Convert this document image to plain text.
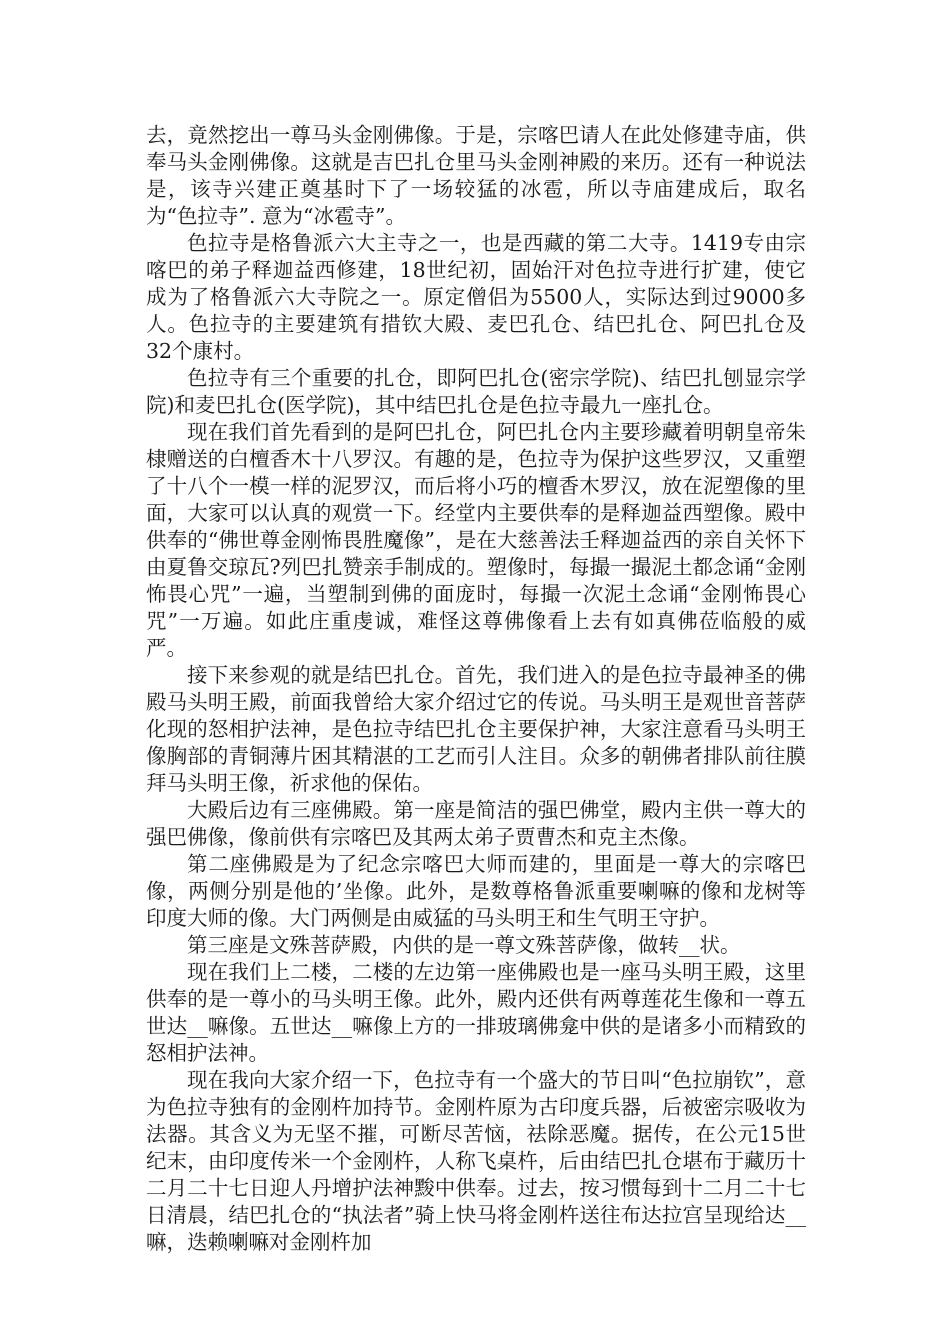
去，竟然挖出一尊马头金刚佛像。于是，宗喀巴请人在此处修建寺庙，供奉马头金刚佛像。这就是吉巴扎仓里马头金刚神殿的来历。还有一种说法是，该寺兴建正奠基时下了一场较猛的冰雹，所以寺庙建成后，取名为“色拉寺”. 意为“冰雹寺”。

色拉寺是格鲁派六大主寺之一，也是西藏的第二大寺。1419专由宗喀巴的弟子释迦益西修建，18世纪初，固始汗对色拉寺进行扩建，使它成为了格鲁派六大寺院之一。原定僧侣为5500人，实际达到过9000多人。色拉寺的主要建筑有措钦大殿、麦巴孔仓、结巴扎仓、阿巴扎仓及32个康村。

色拉寺有三个重要的扎仓，即阿巴扎仓(密宗学院)、结巴扎刨显宗学院)和麦巴扎仓(医学院)，其中结巴扎仓是色拉寺最九一座扎仓。

现在我们首先看到的是阿巴扎仓，阿巴扎仓内主要珍藏着明朝皇帝朱棣赠送的白檀香木十八罗汉。有趣的是，色拉寺为保护这些罗汉，又重塑了十八个一模一样的泥罗汉，而后将小巧的檀香木罗汉，放在泥塑像的里面，大家可以认真的观赏一下。经堂内主要供奉的是释迦益西塑像。殿中供奉的“佛世尊金刚怖畏胜魔像”，是在大慈善法壬释迦益西的亲自关怀下由夏鲁交琼瓦?列巴扎赞亲手制成的。塑像时，每撮一撮泥土都念诵“金刚怖畏心咒”一遍，当塑制到佛的面庞时，每撮一次泥土念诵“金刚怖畏心咒”一万遍。如此庄重虔诚，难怪这尊佛像看上去有如真佛莅临般的威严。

接下来参观的就是结巴扎仓。首先，我们进入的是色拉寺最神圣的佛殿马头明王殿，前面我曾给大家介绍过它的传说。马头明王是观世音菩萨化现的怒相护法神，是色拉寺结巴扎仓主要保护神，大家注意看马头明王像胸部的青铜薄片困其精湛的工艺而引人注目。众多的朝佛者排队前往膜拜马头明王像，祈求他的保佑。

大殿后边有三座佛殿。第一座是简洁的强巴佛堂，殿内主供一尊大的强巴佛像，像前供有宗喀巴及其两太弟子贾曹杰和克主杰像。

第二座佛殿是为了纪念宗喀巴大师而建的，里面是一尊大的宗喀巴像，两侧分别是他的’坐像。此外，是数尊格鲁派重要喇嘛的像和龙树等印度大师的像。大门两侧是由威猛的马头明王和生气明王守护。

第三座是文殊菩萨殿，内供的是一尊文殊菩萨像，做转__状。

现在我们上二楼，二楼的左边第一座佛殿也是一座马头明王殿，这里供奉的是一尊小的马头明王像。此外，殿内还供有两尊莲花生像和一尊五世达__嘛像。五世达__嘛像上方的一排玻璃佛龛中供的是诸多小而精致的怒相护法神。

现在我向大家介绍一下，色拉寺有一个盛大的节日叫“色拉崩钦”，意为色拉寺独有的金刚杵加持节。金刚杵原为古印度兵器，后被密宗吸收为法器。其含义为无坚不摧，可断尽苦恼，祛除恶魔。据传，在公元15世纪末，由印度传米一个金刚杵，人称飞桌杵，后由结巴扎仓堪布于藏历十二月二十七日迎人丹增护法神黢中供奉。过去，按习惯每到十二月二十七日清晨，结巴扎仓的“执法者”骑上快马将金刚杵送往布达拉宫呈现给达__嘛，迭赖喇嘛对金刚杵加
